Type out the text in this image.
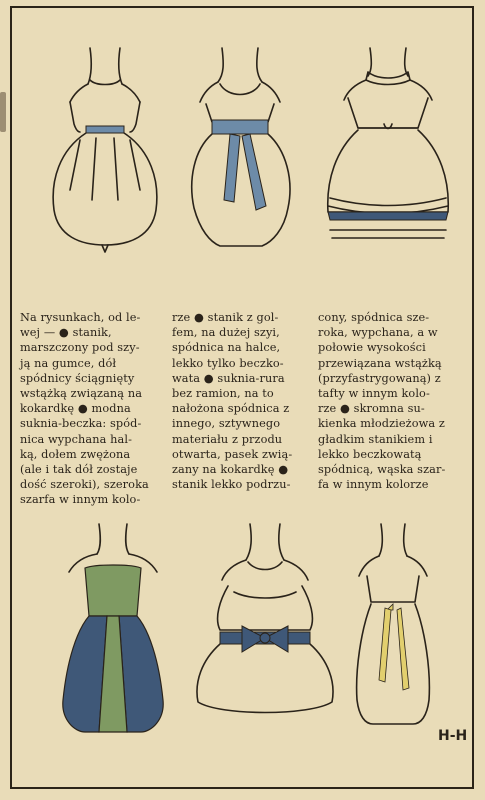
Na rysunkach, od le-
wej — ● stanik,
marszczony pod szy-
ją na gumce, dół
spódnicy ściągnięty
wstążką związaną na
kokardkę ● modna
suknia-beczka: spód-
nica wypchana hal-
ką, dołem zwężona
(ale i tak dół zostaje
dość szeroki), szeroka
szarfa w innym kolo-
rze ● stanik z gol-
fem, na dużej szyi,
spódnica na halce,
lekko tylko beczko-
wata ● suknia-rura
bez ramion, na to
nałożona spódnica z
innego, sztywnego
materiału z przodu
otwarta, pasek zwią-
zany na kokardkę ●
stanik lekko podrzu-
cony, spódnica sze-
roka, wypchana, a w
połowie wysokości
przewiązana wstążką
(przyfastrygowaną) z
tafty w innym kolo-
rze ● skromna su-
kienka młodzieżowa z
gładkim stanikiem i
lekko beczkowatą
spódnicą, wąska szar-
fa w innym kolorze
H-H
